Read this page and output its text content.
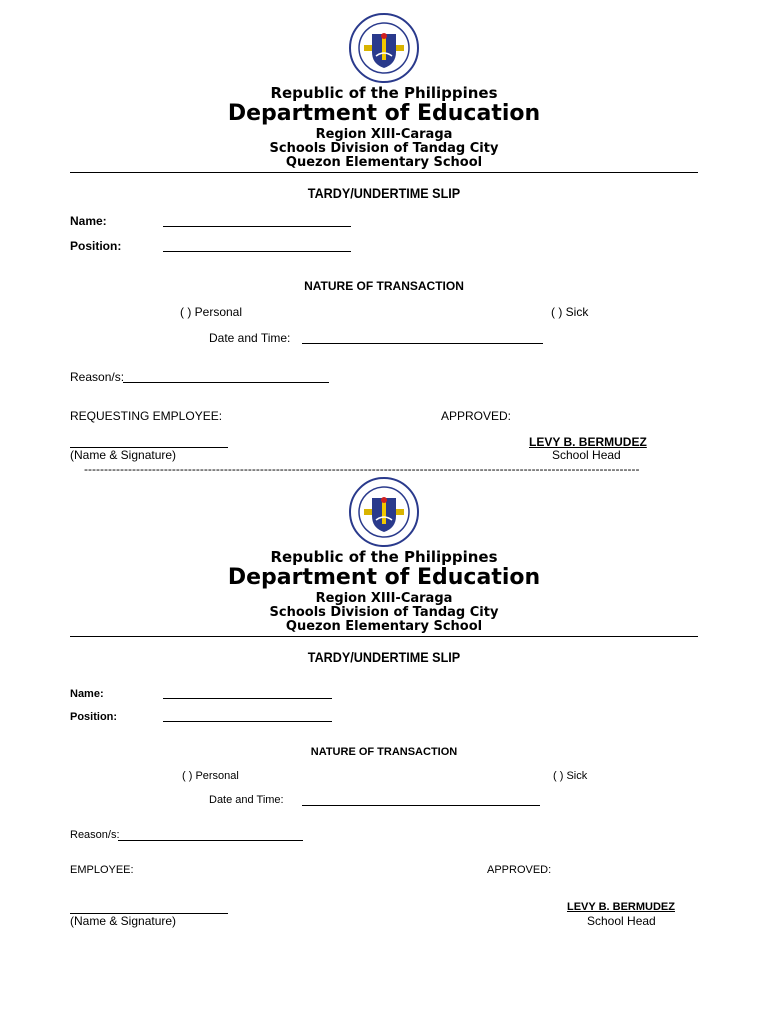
Republic of the Philippines
Department of Education
Region XIII-Caraga
Schools Division of Tandag City
Quezon Elementary School
TARDY/UNDERTIME SLIP
Name:
Position:
NATURE OF TRANSACTION
( ) Personal	( ) Sick
Date and Time:
Reason/s:
REQUESTING EMPLOYEE:	APPROVED:
(Name & Signature)
LEVY B. BERMUDEZ
School Head
-------------------------------------------------------------------------------------------------------------------------------------------
Republic of the Philippines
Department of Education
Region XIII-Caraga
Schools Division of Tandag City
Quezon Elementary School
TARDY/UNDERTIME SLIP
Name:
Position:
NATURE OF TRANSACTION
( ) Personal	( ) Sick
Date and Time:
Reason/s:
EMPLOYEE:	APPROVED:
(Name & Signature)
LEVY B. BERMUDEZ
School Head
